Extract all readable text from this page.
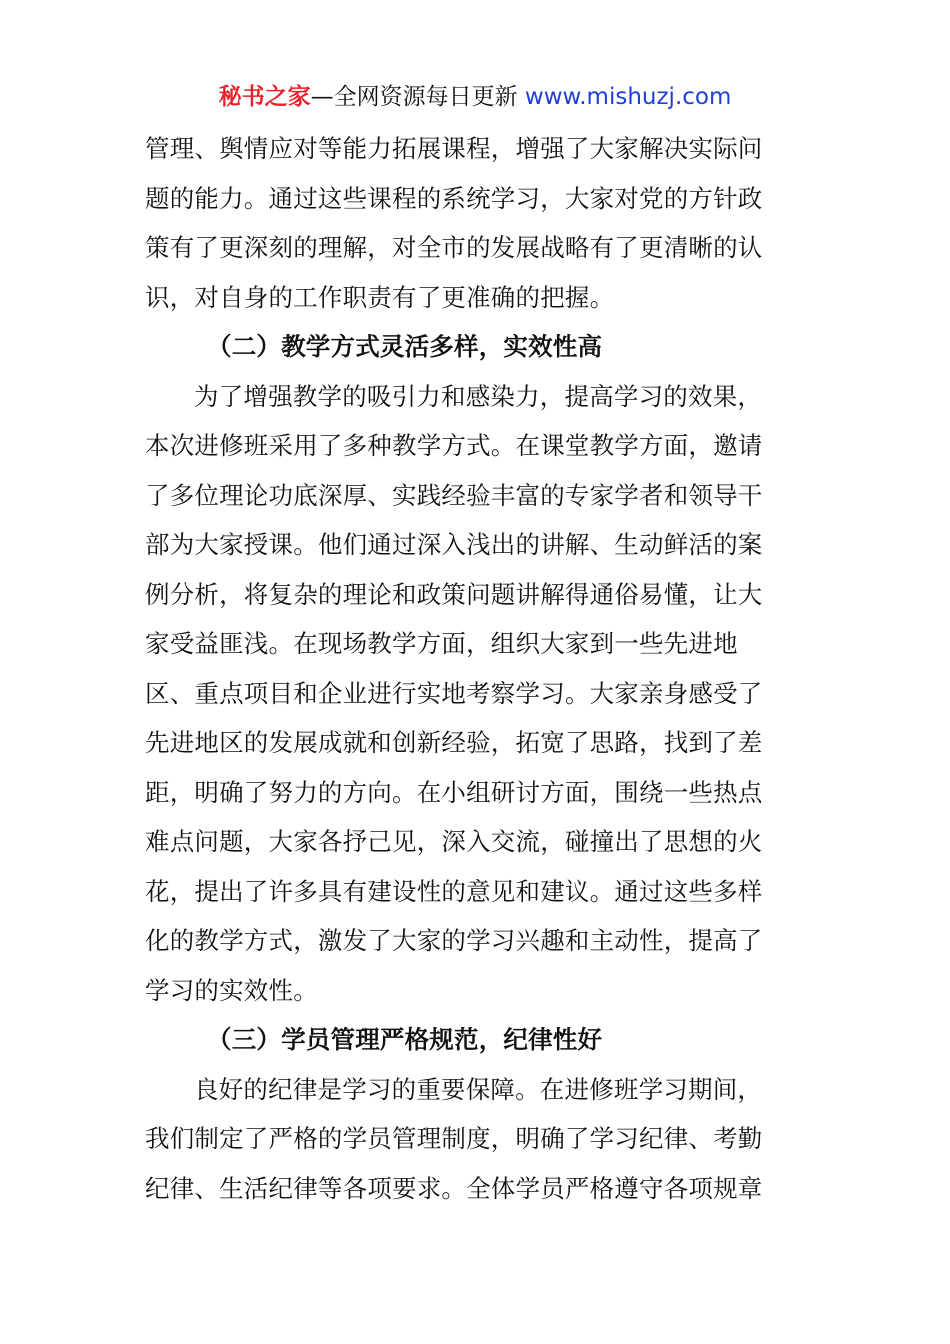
秘书之家—全网资源每日更新 www.mishuzj.com
管理、舆情应对等能力拓展课程，增强了大家解决实际问
题的能力。通过这些课程的系统学习，大家对党的方针政
策有了更深刻的理解，对全市的发展战略有了更清晰的认
识，对自身的工作职责有了更准确的把握。
（二）教学方式灵活多样，实效性高
为了增强教学的吸引力和感染力，提高学习的效果，
本次进修班采用了多种教学方式。在课堂教学方面，邀请
了多位理论功底深厚、实践经验丰富的专家学者和领导干
部为大家授课。他们通过深入浅出的讲解、生动鲜活的案
例分析，将复杂的理论和政策问题讲解得通俗易懂，让大
家受益匪浅。在现场教学方面，组织大家到一些先进地
区、重点项目和企业进行实地考察学习。大家亲身感受了
先进地区的发展成就和创新经验，拓宽了思路，找到了差
距，明确了努力的方向。在小组研讨方面，围绕一些热点
难点问题，大家各抒己见，深入交流，碰撞出了思想的火
花，提出了许多具有建设性的意见和建议。通过这些多样
化的教学方式，激发了大家的学习兴趣和主动性，提高了
学习的实效性。
（三）学员管理严格规范，纪律性好
良好的纪律是学习的重要保障。在进修班学习期间，
我们制定了严格的学员管理制度，明确了学习纪律、考勤
纪律、生活纪律等各项要求。全体学员严格遵守各项规章
